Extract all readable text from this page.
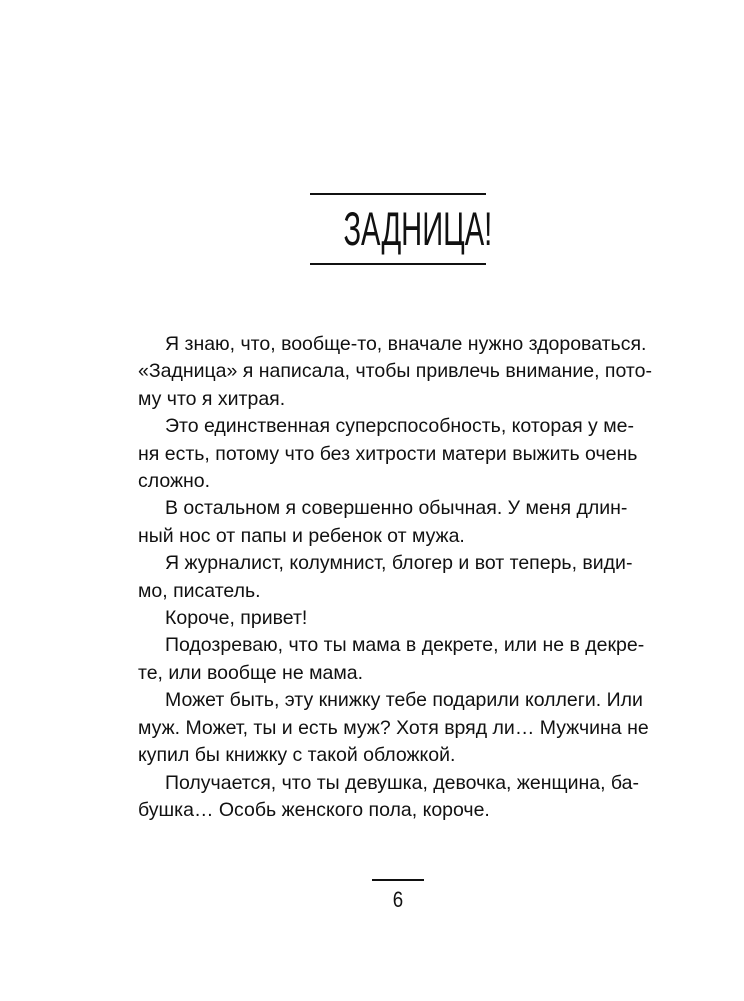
ЗАДНИЦА!
Я знаю, что, вообще-то, вначале нужно здороваться.
«Задница» я написала, чтобы привлечь внимание, пото-
му что я хитрая.
Это единственная суперспособность, которая у ме-
ня есть, потому что без хитрости матери выжить очень
сложно.
В остальном я совершенно обычная. У меня длин-
ный нос от папы и ребенок от мужа.
Я журналист, колумнист, блогер и вот теперь, види-
мо, писатель.
Короче, привет!
Подозреваю, что ты мама в декрете, или не в декре-
те, или вообще не мама.
Может быть, эту книжку тебе подарили коллеги. Или
муж. Может, ты и есть муж? Хотя вряд ли… Мужчина не
купил бы книжку с такой обложкой.
Получается, что ты девушка, девочка, женщина, ба-
бушка… Особь женского пола, короче.
6
